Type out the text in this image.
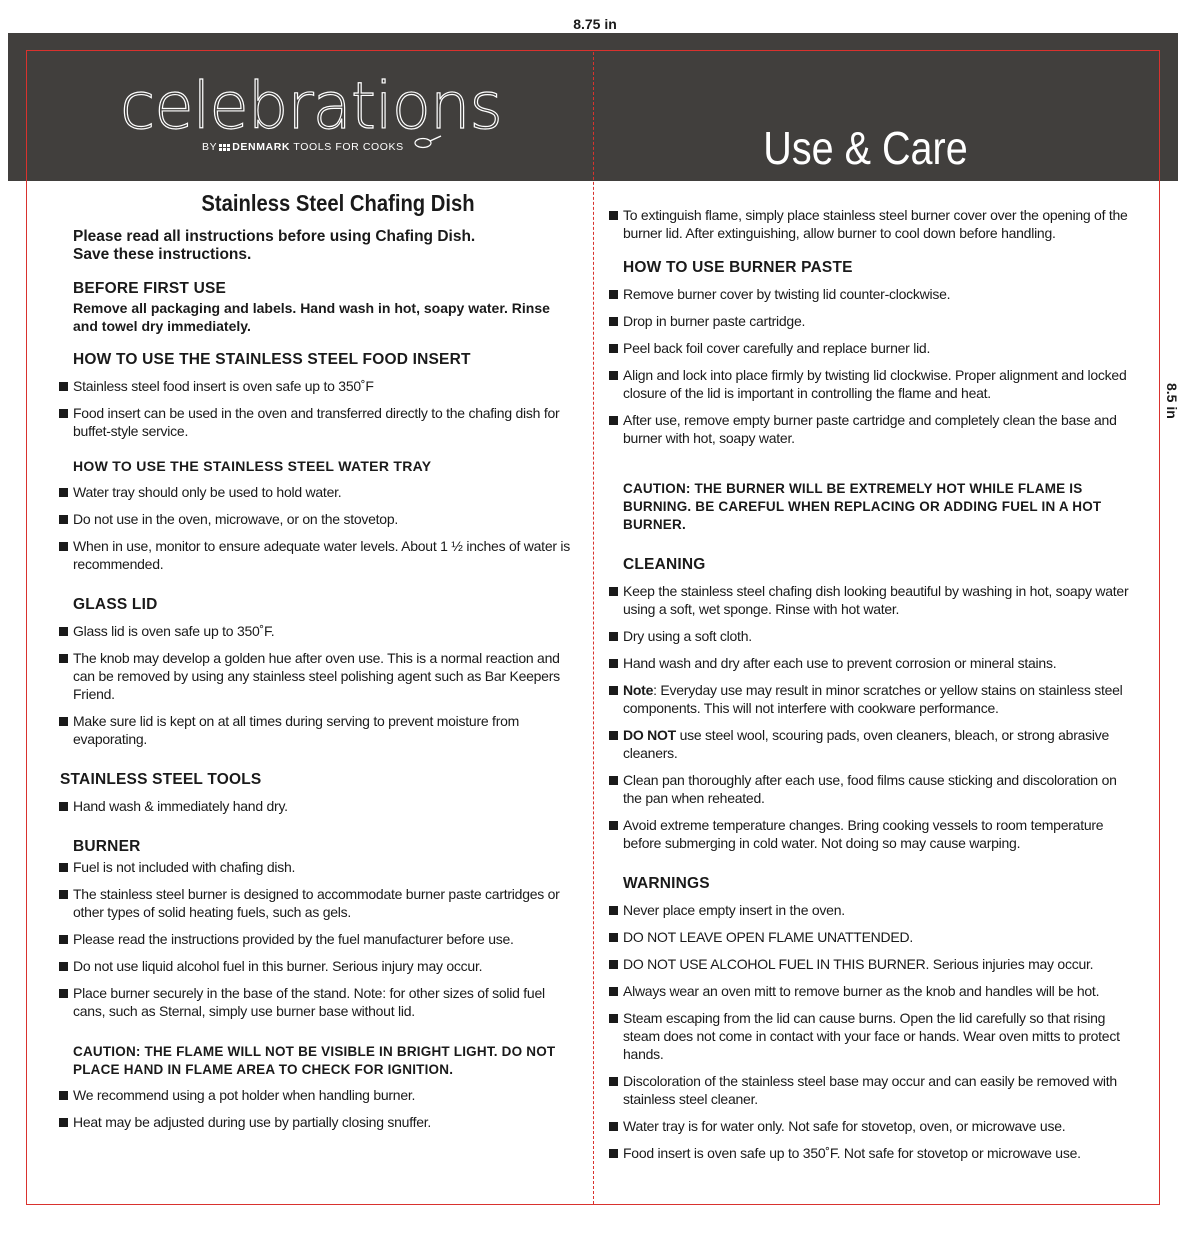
8.75 in
8.5 in
celebrations
BY DENMARK TOOLS FOR COOKS	Use & Care
Stainless Steel Chafing Dish
Please read all instructions before using Chafing Dish.
Save these instructions.
BEFORE FIRST USE
Remove all packaging and labels. Hand wash in hot, soapy water. Rinse and towel dry immediately.
HOW TO USE THE STAINLESS STEEL FOOD INSERT
Stainless steel food insert is oven safe up to 350˚F
Food insert can be used in the oven and transferred directly to the chafing dish for buffet-style service.
HOW TO USE THE STAINLESS STEEL WATER TRAY
Water tray should only be used to hold water.
Do not use in the oven, microwave, or on the stovetop.
When in use, monitor to ensure adequate water levels. About 1 ½ inches of water is recommended.
GLASS LID
Glass lid is oven safe up to 350˚F.
The knob may develop a golden hue after oven use. This is a normal reaction and can be removed by using any stainless steel polishing agent such as Bar Keepers Friend.
Make sure lid is kept on at all times during serving to prevent moisture from evaporating.
STAINLESS STEEL TOOLS
Hand wash & immediately hand dry.
BURNER
Fuel is not included with chafing dish.
The stainless steel burner is designed to accommodate burner paste cartridges or other types of solid heating fuels, such as gels.
Please read the instructions provided by the fuel manufacturer before use.
Do not use liquid alcohol fuel in this burner. Serious injury may occur.
Place burner securely in the base of the stand. Note: for other sizes of solid fuel cans, such as Sternal, simply use burner base without lid.
CAUTION: THE FLAME WILL NOT BE VISIBLE IN BRIGHT LIGHT. DO NOT PLACE HAND IN FLAME AREA TO CHECK FOR IGNITION.
We recommend using a pot holder when handling burner.
Heat may be adjusted during use by partially closing snuffer.
To extinguish flame, simply place stainless steel burner cover over the opening of the burner lid. After extinguishing, allow burner to cool down before handling.
HOW TO USE BURNER PASTE
Remove burner cover by twisting lid counter-clockwise.
Drop in burner paste cartridge.
Peel back foil cover carefully and replace burner lid.
Align and lock into place firmly by twisting lid clockwise. Proper alignment and locked closure of the lid is important in controlling the flame and heat.
After use, remove empty burner paste cartridge and completely clean the base and burner with hot, soapy water.
CAUTION: THE BURNER WILL BE EXTREMELY HOT WHILE FLAME IS BURNING. BE CAREFUL WHEN REPLACING OR ADDING FUEL IN A HOT BURNER.
CLEANING
Keep the stainless steel chafing dish looking beautiful by washing in hot, soapy water using a soft, wet sponge. Rinse with hot water.
Dry using a soft cloth.
Hand wash and dry after each use to prevent corrosion or mineral stains.
Note: Everyday use may result in minor scratches or yellow stains on stainless steel components. This will not interfere with cookware performance.
DO NOT use steel wool, scouring pads, oven cleaners, bleach, or strong abrasive cleaners.
Clean pan thoroughly after each use, food films cause sticking and discoloration on the pan when reheated.
Avoid extreme temperature changes. Bring cooking vessels to room temperature before submerging in cold water. Not doing so may cause warping.
WARNINGS
Never place empty insert in the oven.
DO NOT LEAVE OPEN FLAME UNATTENDED.
DO NOT USE ALCOHOL FUEL IN THIS BURNER. Serious injuries may occur.
Always wear an oven mitt to remove burner as the knob and handles will be hot.
Steam escaping from the lid can cause burns. Open the lid carefully so that rising steam does not come in contact with your face or hands. Wear oven mitts to protect hands.
Discoloration of the stainless steel base may occur and can easily be removed with stainless steel cleaner.
Water tray is for water only. Not safe for stovetop, oven, or microwave use.
Food insert is oven safe up to 350˚F. Not safe for stovetop or microwave use.
